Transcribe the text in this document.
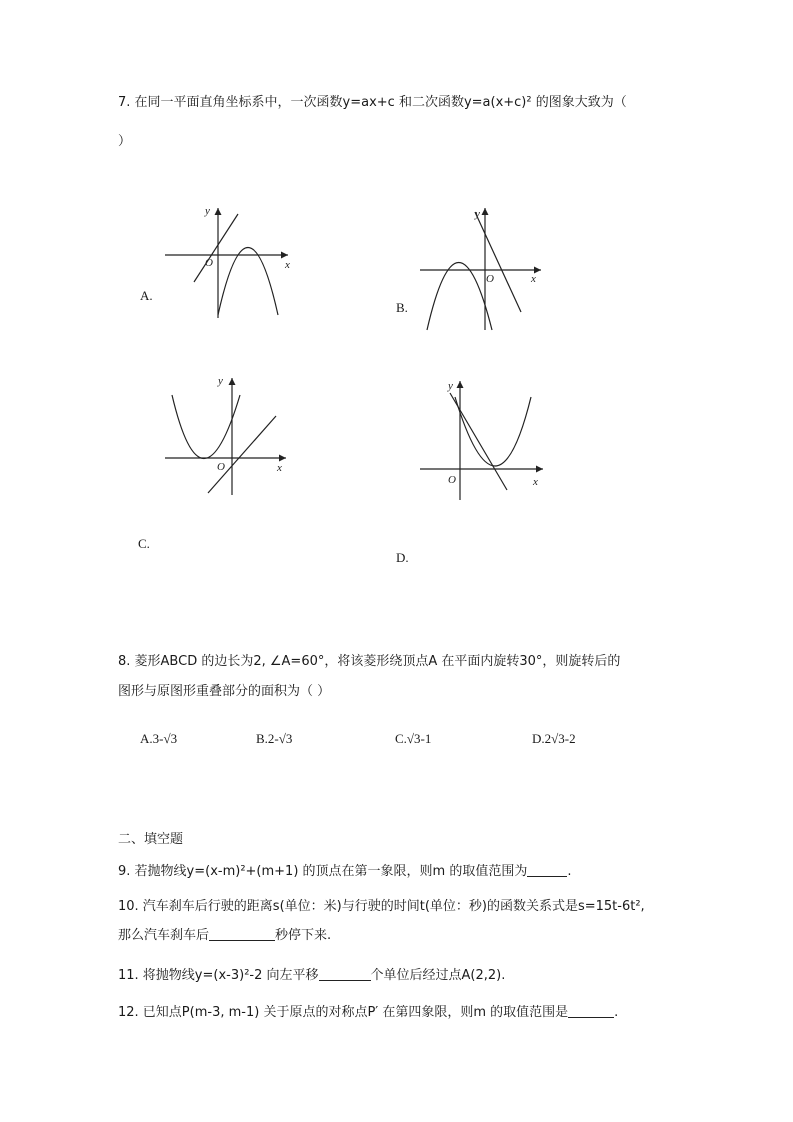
7. 在同一平面直角坐标系中，一次函数y=ax+c 和二次函数y=a(x+c)² 的图象大致为（
）
y
x
O
A.
y
x
O
B.
y
x
O
C.
y
x
O
D.
8. 菱形ABCD 的边长为2, ∠A=60°，将该菱形绕顶点A 在平面内旋转30°，则旋转后的
图形与原图形重叠部分的面积为（ ）
A.3-√3	B.2-√3	C.√3-1	D.2√3-2
二、填空题
9. 若抛物线y=(x-m)²+(m+1) 的顶点在第一象限，则m 的取值范围为	.
10. 汽车刹车后行驶的距离s(单位：米)与行驶的时间t(单位：秒)的函数关系式是s=15t-6t²,
那么汽车刹车后	秒停下来.
11. 将抛物线y=(x-3)²-2 向左平移	个单位后经过点A(2,2).
12. 已知点P(m-3, m-1) 关于原点的对称点P′ 在第四象限，则m 的取值范围是	.
